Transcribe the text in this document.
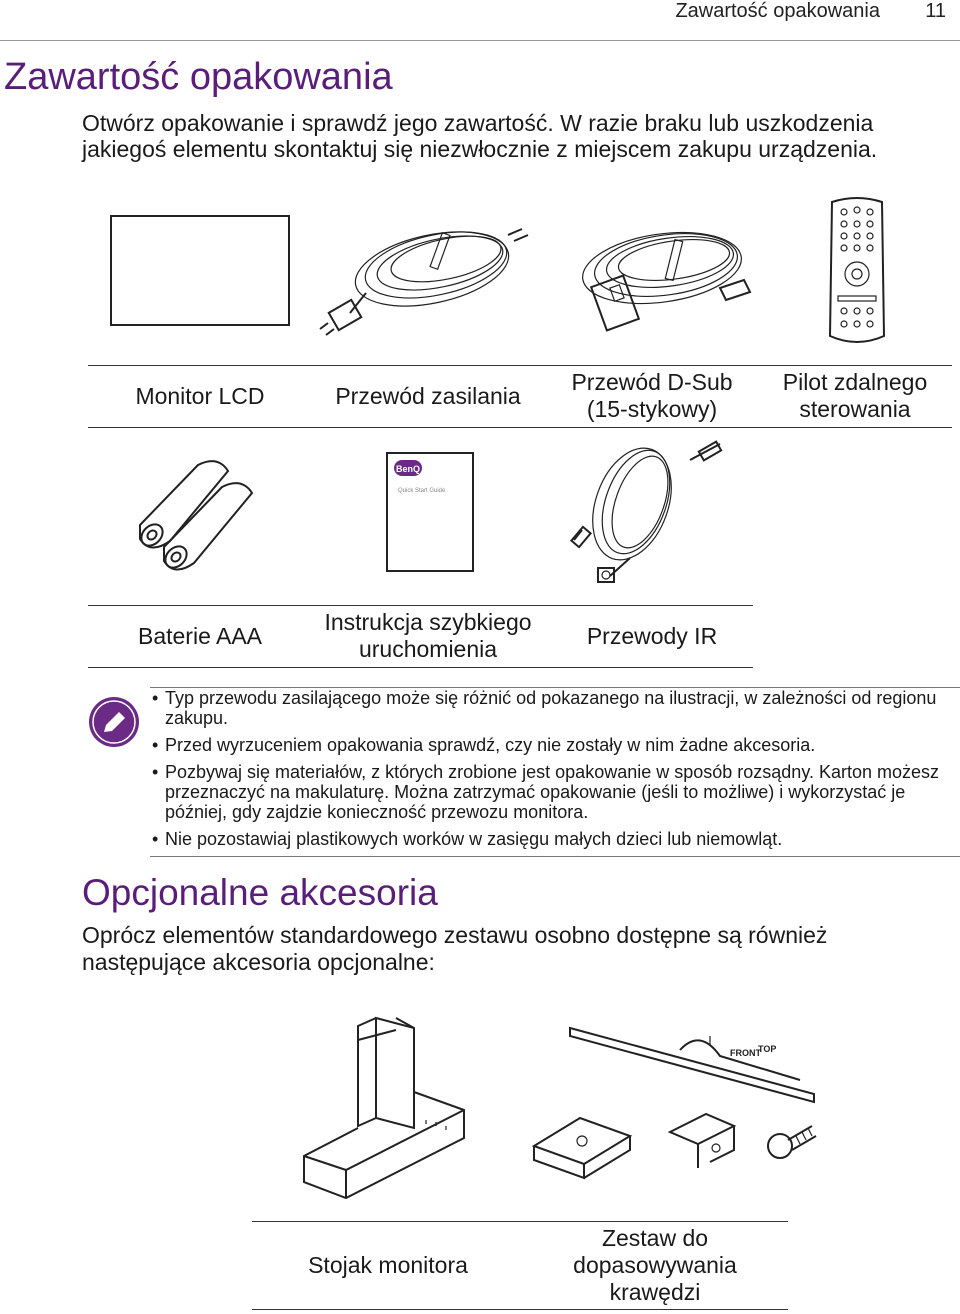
Zawartość opakowania 11
Zawartość opakowania
Otwórz opakowanie i sprawdź jego zawartość. W razie braku lub uszkodzenia jakiegoś elementu skontaktuj się niezwłocznie z miejscem zakupu urządzenia.
Monitor LCD	Przewód zasilania
Przewód D-Sub (15-stykowy)
Pilot zdalnego sterowania
BenQ
Quick Start Guide
Baterie AAA
Instrukcja szybkiego uruchomienia
Przewody IR
• Typ przewodu zasilającego może się różnić od pokazanego na ilustracji, w zależności od regionu zakupu.
• Przed wyrzuceniem opakowania sprawdź, czy nie zostały w nim żadne akcesoria.
• Pozbywaj się materiałów, z których zrobione jest opakowanie w sposób rozsądny. Karton możesz przeznaczyć na makulaturę. Można zatrzymać opakowanie (jeśli to możliwe) i wykorzystać je później, gdy zajdzie konieczność przewozu monitora.
• Nie pozostawiaj plastikowych worków w zasięgu małych dzieci lub niemowląt.
Opcjonalne akcesoria
Oprócz elementów standardowego zestawu osobno dostępne są również następujące akcesoria opcjonalne:
FRONT
TOP
Stojak monitora
Zestaw do dopasowywania krawędzi
